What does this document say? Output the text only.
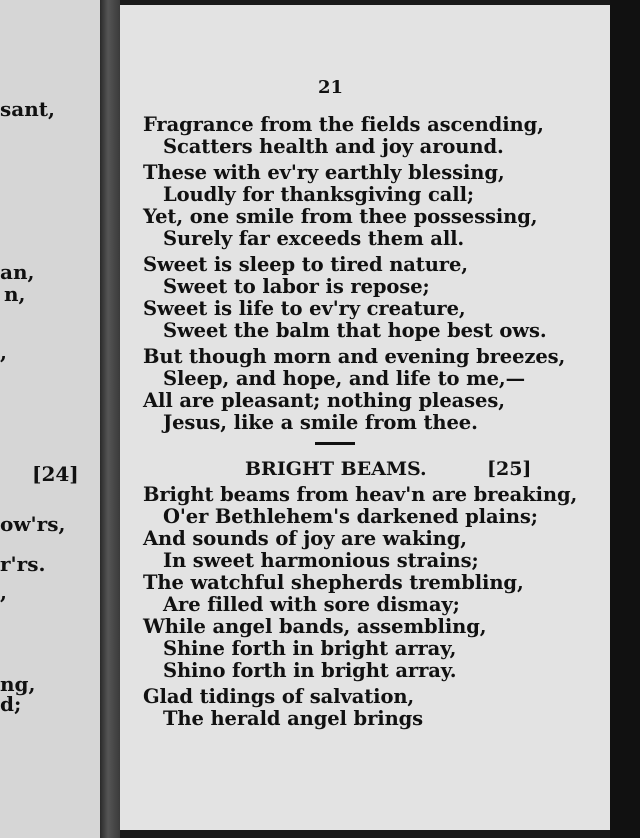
sant,
an,
n,
,
[24]
ow'rs,
r'rs.
,
ng,
d;
21
Fragrance from the fields ascending,
Scatters health and joy around.
These with ev'ry earthly blessing,
Loudly for thanksgiving call;
Yet, one smile from thee possessing,
Surely far exceeds them all.
Sweet is sleep to tired nature,
Sweet to labor is repose;
Sweet is life to ev'ry creature,
Sweet the balm that hope best ows.
But though morn and evening breezes,
Sleep, and hope, and life to me,—
All are pleasant; nothing pleases,
Jesus, like a smile from thee.
BRIGHT BEAMS.	[25]
Bright beams from heav'n are breaking,
O'er Bethlehem's darkened plains;
And sounds of joy are waking,
In sweet harmonious strains;
The watchful shepherds trembling,
Are filled with sore dismay;
While angel bands, assembling,
Shine forth in bright array,
Shino forth in bright array.
Glad tidings of salvation,
The herald angel brings
